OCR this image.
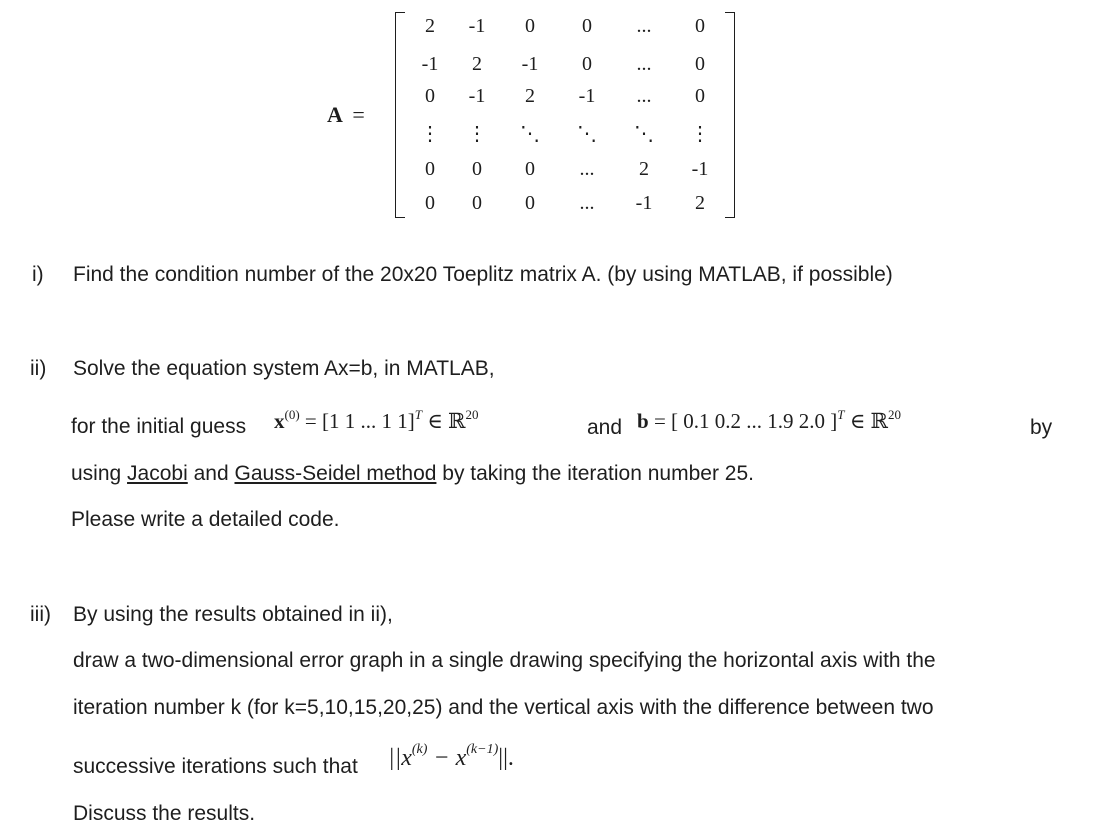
A =
2	-1	0	0	...	0
-1	2	-1	0	...	0
0	-1	2	-1	...	0
⋮	⋮	⋱	⋱	⋱	⋮
0	0	0	...	2	-1
0	0	0	...	-1	2
i) Find the condition number of the 20x20 Toeplitz matrix A. (by using MATLAB, if possible)
ii) Solve the equation system Ax=b, in MATLAB,
for the initial guess $x^{(0)} = [1$ 1 ... 1 1]$^T$ ∈ ℝ$^{20}$
and b = [ 0.1 0.2 ... 1.9 2.0 ]$^T$ ∈ ℝ$^{20}$
by
using Jacobi and Gauss-Seidel method by taking the iteration number 25.
Please write a detailed code.
iii) By using the results obtained in ii),
draw a two-dimensional error graph in a single drawing specifying the horizontal axis with the
iteration number k (for k=5,10,15,20,25) and the vertical axis with the difference between two
successive iterations such that $||x^{(k)} - x^{(k-1)}||$.
Discuss the results.
